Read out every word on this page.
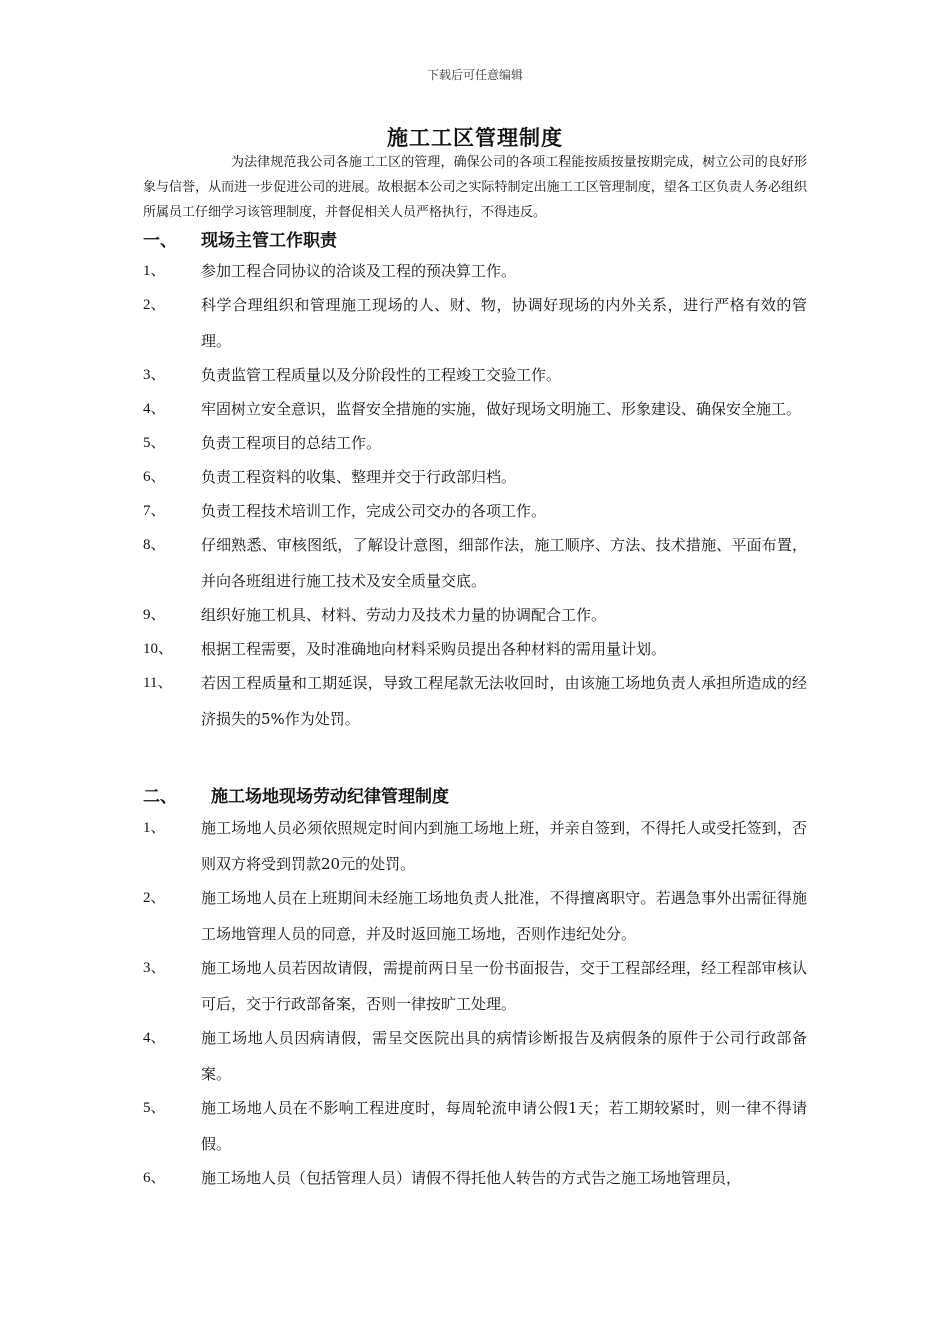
下载后可任意编辑
施工工区管理制度
为法律规范我公司各施工工区的管理，确保公司的各项工程能按质按量按期完成，树立公司的良好形象与信誉，从而进一步促进公司的进展。故根据本公司之实际特制定出施工工区管理制度，望各工区负责人务必组织所属员工仔细学习该管理制度，并督促相关人员严格执行，不得违反。
一、 现场主管工作职责
1、	参加工程合同协议的洽谈及工程的预决算工作。
2、	科学合理组织和管理施工现场的人、财、物，协调好现场的内外关系，进行严格有效的管理。
3、	负责监管工程质量以及分阶段性的工程竣工交验工作。
4、	牢固树立安全意识，监督安全措施的实施，做好现场文明施工、形象建设、确保安全施工。
5、	负责工程项目的总结工作。
6、	负责工程资料的收集、整理并交于行政部归档。
7、	负责工程技术培训工作，完成公司交办的各项工作。
8、	仔细熟悉、审核图纸，了解设计意图，细部作法，施工顺序、方法、技术措施、平面布置，并向各班组进行施工技术及安全质量交底。
9、	组织好施工机具、材料、劳动力及技术力量的协调配合工作。
10、	根据工程需要，及时准确地向材料采购员提出各种材料的需用量计划。
11、	若因工程质量和工期延误，导致工程尾款无法收回时，由该施工场地负责人承担所造成的经济损失的5%作为处罚。
二、 施工场地现场劳动纪律管理制度
1、	施工场地人员必须依照规定时间内到施工场地上班，并亲自签到，不得托人或受托签到，否则双方将受到罚款20元的处罚。
2、	施工场地人员在上班期间未经施工场地负责人批准，不得擅离职守。若遇急事外出需征得施工场地管理人员的同意，并及时返回施工场地，否则作违纪处分。
3、	施工场地人员若因故请假，需提前两日呈一份书面报告，交于工程部经理，经工程部审核认可后，交于行政部备案，否则一律按旷工处理。
4、	施工场地人员因病请假，需呈交医院出具的病情诊断报告及病假条的原件于公司行政部备案。
5、	施工场地人员在不影响工程进度时，每周轮流申请公假1天；若工期较紧时，则一律不得请假。
6、	施工场地人员（包括管理人员）请假不得托他人转告的方式告之施工场地管理员，
